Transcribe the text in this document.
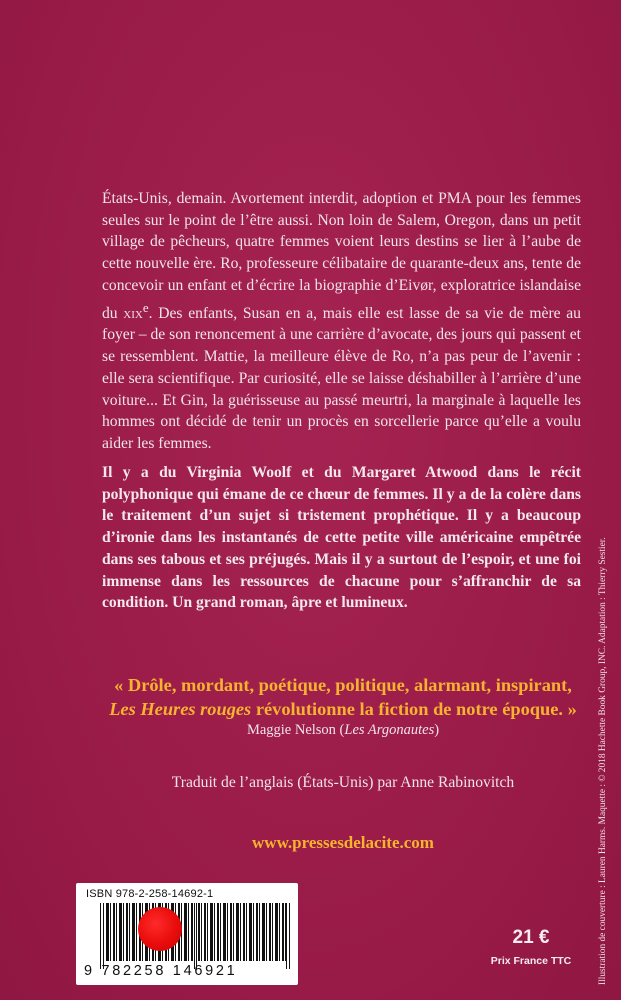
États-Unis, demain. Avortement interdit, adoption et PMA pour les femmes seules sur le point de l’être aussi. Non loin de Salem, Oregon, dans un petit village de pêcheurs, quatre femmes voient leurs destins se lier à l’aube de cette nouvelle ère. Ro, professeure célibataire de quarante-deux ans, tente de concevoir un enfant et d’écrire la biographie d’Eivør, exploratrice islandaise du xix$^e$. Des enfants, Susan en a, mais elle est lasse de sa vie de mère au foyer – de son renoncement à une carrière d’avocate, des jours qui passent et se ressemblent. Mattie, la meilleure élève de Ro, n’a pas peur de l’avenir : elle sera scientifique. Par curiosité, elle se laisse déshabiller à l’arrière d’une voiture... Et Gin, la guérisseuse au passé meurtri, la marginale à laquelle les hommes ont décidé de tenir un procès en sorcellerie parce qu’elle a voulu aider les femmes.
Il y a du Virginia Woolf et du Margaret Atwood dans le récit polyphonique qui émane de ce chœur de femmes. Il y a de la colère dans le traitement d’un sujet si tristement prophétique. Il y a beaucoup d’ironie dans les instantanés de cette petite ville américaine empêtrée dans ses tabous et ses préjugés. Mais il y a surtout de l’espoir, et une foi immense dans les ressources de chacune pour s’affranchir de sa condition. Un grand roman, âpre et lumineux.
« Drôle, mordant, poétique, politique, alarmant, inspirant,
Les Heures rouges révolutionne la fiction de notre époque. »
Maggie Nelson (Les Argonautes)
Traduit de l’anglais (États-Unis) par Anne Rabinovitch
www.pressesdelacite.com
ISBN 978-2-258-14692-1
9 782258 146921
21 €
Prix France TTC	Illustration de couverture : Lauren Harms. Maquette : © 2018 Hachette Book Group, INC. Adaptation : Thierry Sestier.
